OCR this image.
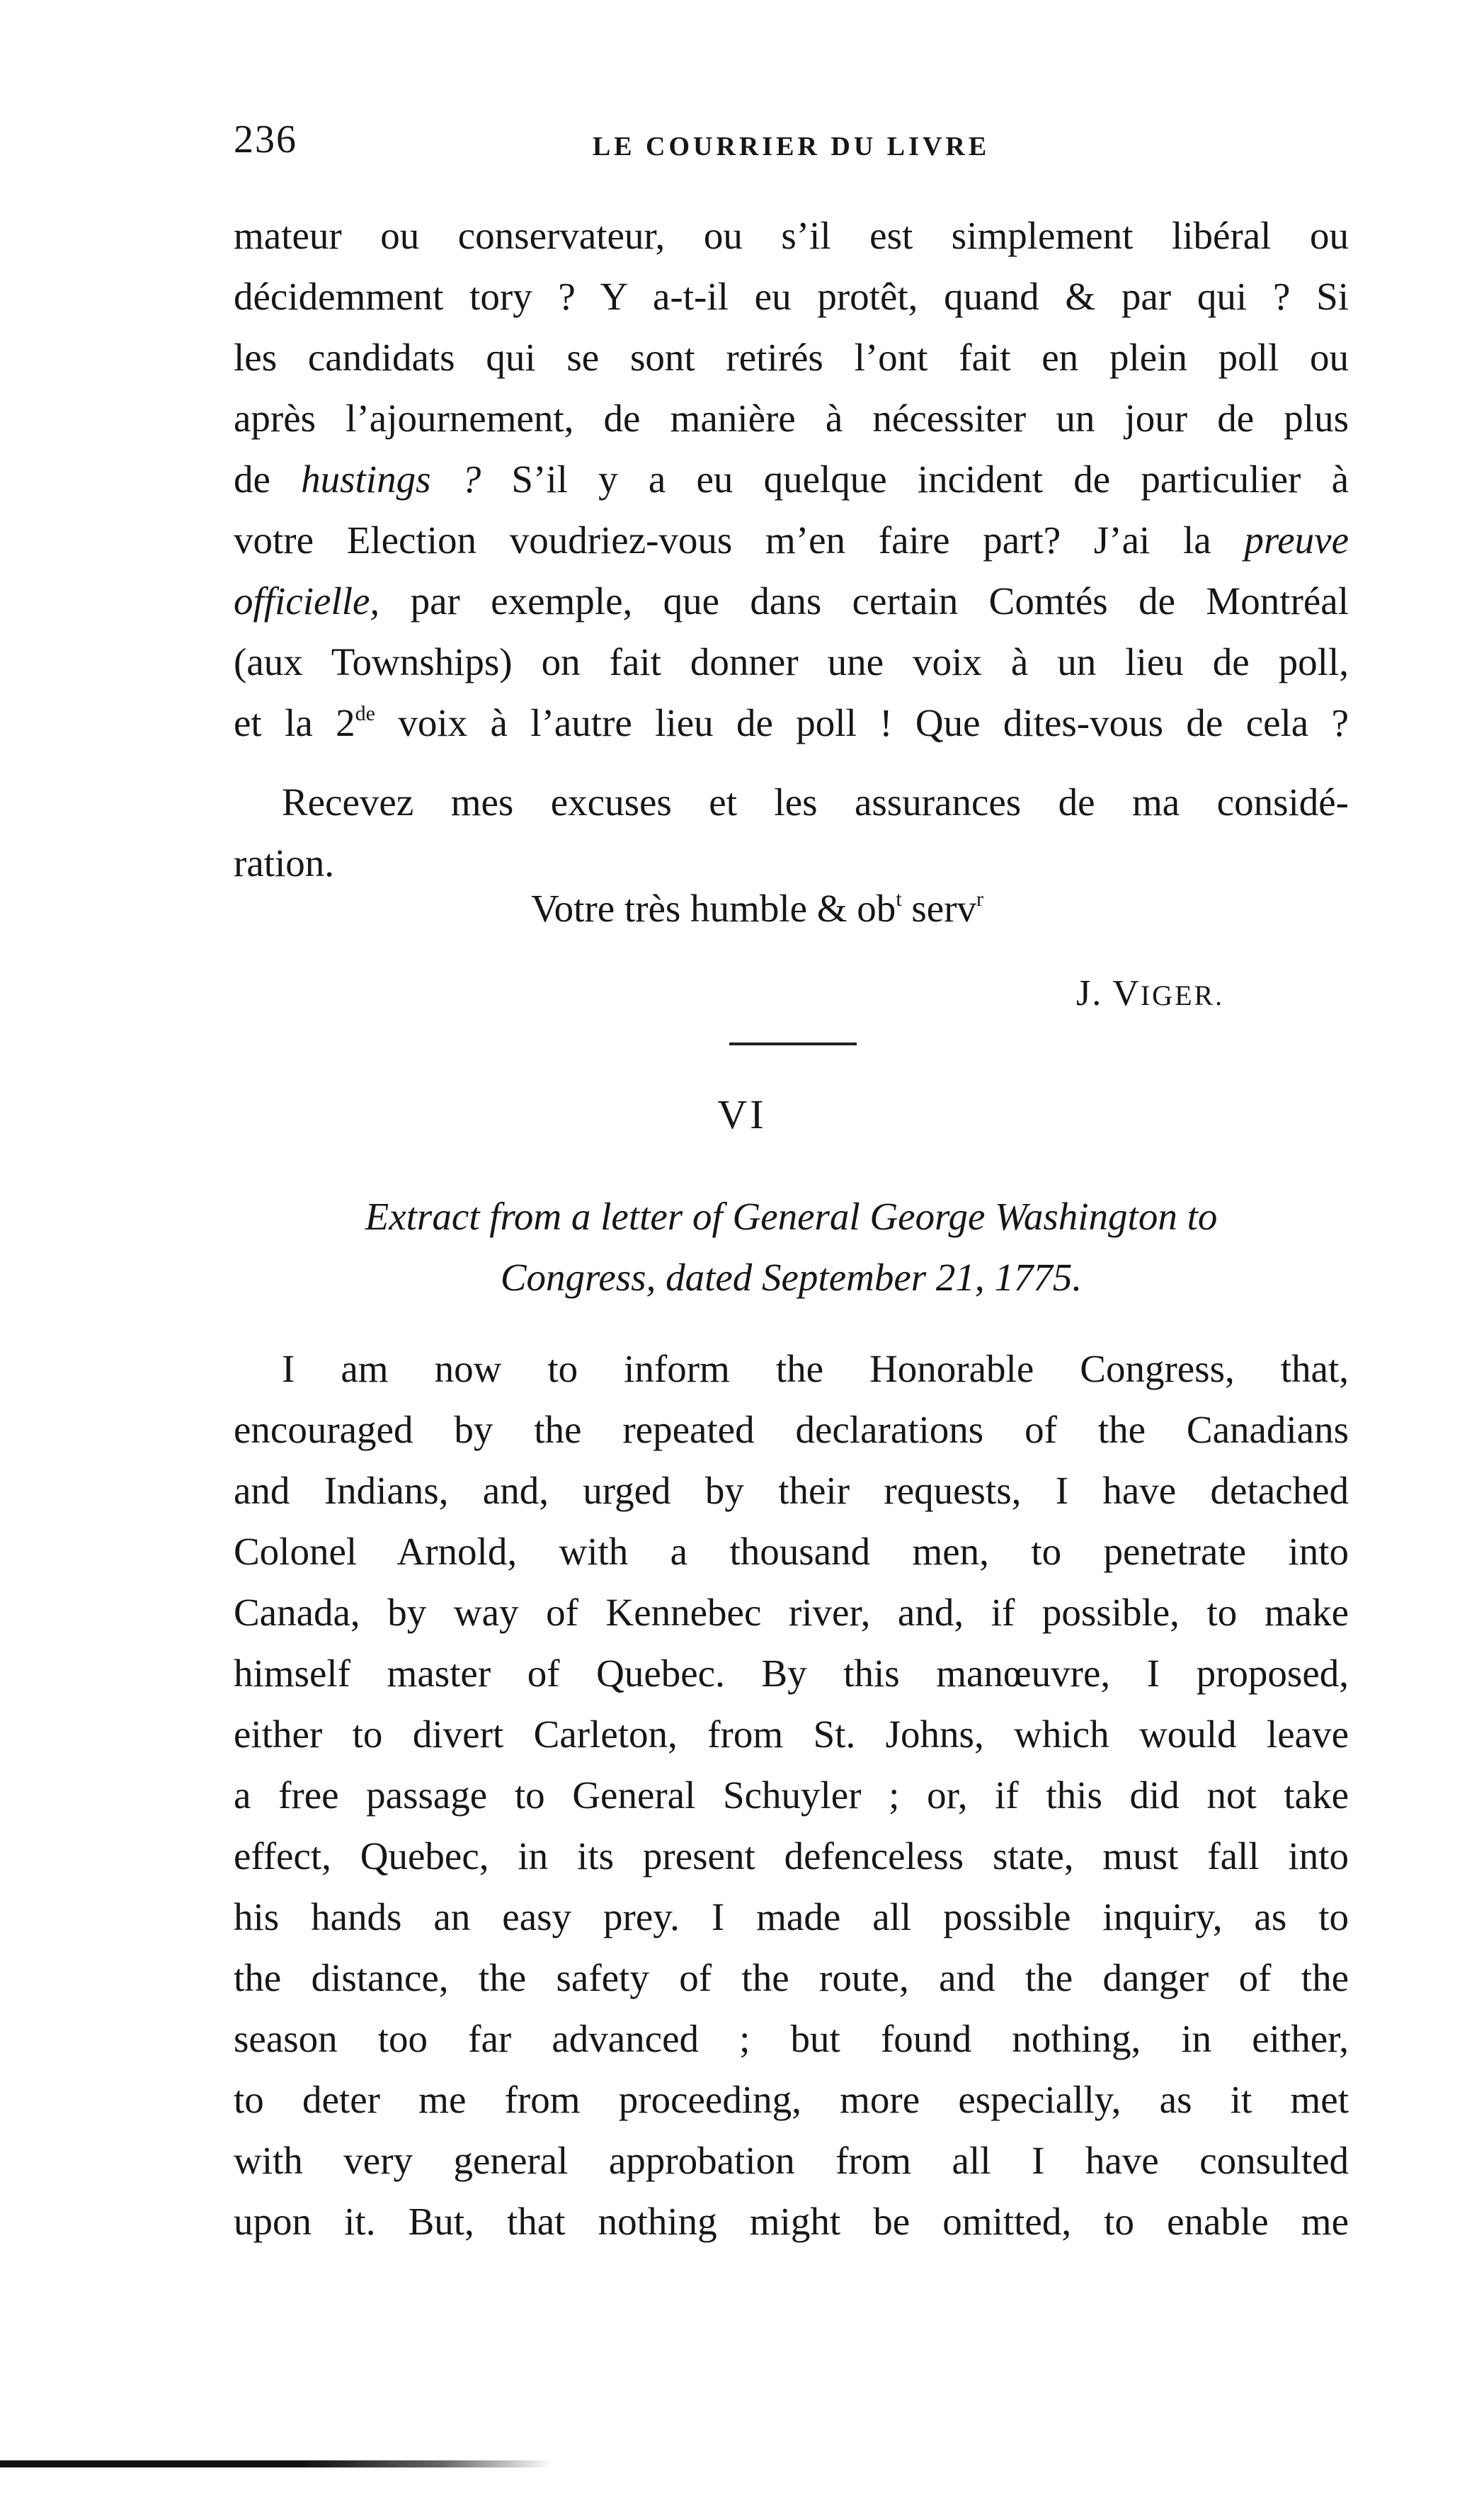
236	LE COURRIER DU LIVRE
mateur ou conservateur, ou s’il est simplement libéral ou
décidemment tory ? Y a-t-il eu protêt, quand & par qui ? Si
les candidats qui se sont retirés l’ont fait en plein poll ou
après l’ajournement, de manière à nécessiter un jour de plus
de hustings ? S’il y a eu quelque incident de particulier à
votre Election voudriez-vous m’en faire part? J’ai la preuve
officielle, par exemple, que dans certain Comtés de Montréal
(aux Townships) on fait donner une voix à un lieu de poll,
et la 2de voix à l’autre lieu de poll ! Que dites-vous de cela ?
Recevez mes excuses et les assurances de ma considé-
ration.
Votre très humble & $ob^t$ serv$^r$
J. VIGER.
VI
Extract from a letter of General George Washington to
Congress, dated September 21, 1775.
I am now to inform the Honorable Congress, that,
encouraged by the repeated declarations of the Canadians
and Indians, and, urged by their requests, I have detached
Colonel Arnold, with a thousand men, to penetrate into
Canada, by way of Kennebec river, and, if possible, to make
himself master of Quebec. By this manœuvre, I proposed,
either to divert Carleton, from St. Johns, which would leave
a free passage to General Schuyler ; or, if this did not take
effect, Quebec, in its present defenceless state, must fall into
his hands an easy prey. I made all possible inquiry, as to
the distance, the safety of the route, and the danger of the
season too far advanced ; but found nothing, in either,
to deter me from proceeding, more especially, as it met
with very general approbation from all I have consulted
upon it. But, that nothing might be omitted, to enable me
